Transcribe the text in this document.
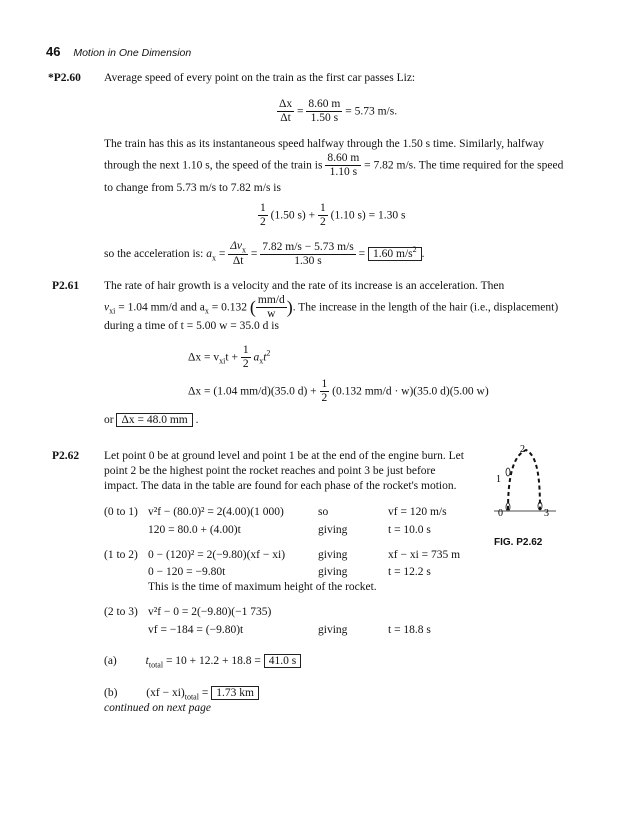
46 Motion in One Dimension
*P2.60 Average speed of every point on the train as the first car passes Liz:
$\frac{\Delta x}{\Delta t} = \frac{8.60 m}{1.50 s} = 5.73$ m/s.
The train has this as its instantaneous speed halfway through the 1.50 s time. Similarly, halfway
through the next 1.10 s, the speed of the train is $\frac{8.60 m}{1.10 s} = 7.82$ m/s. The time required for the speed
to change from 5.73 m/s to 7.82 m/s is
$\frac{1}{2} (1.50$ $s) + \frac{1}{2} (1.10$ s) = 1.30 s
so the acceleration is: $a_x = \frac{\Delta v_x}{\Delta t} = \frac{7.82 m/s - 5.73 m/s}{1.30 s} = 1.60$ $m/s^2$ .
P2.61 The rate of hair growth is a velocity and the rate of its increase is an acceleration. Then
$v_{xi} = 1.04$ mm/d and $a_x = 0.132$ ( $\frac{mm/d}{w}$ ). The increase in the length of the hair (i.e., displacement)
during a time of t = 5.00 w = 35.0 d is
$\Delta x = v_{xi}t + \frac{1}{2} a_xt^2$
Δx = (1.04 mm/d)(35.0 $d) + \frac{1}{2} (0.132$ mm/d · w)(35.0 d)(5.00 w)
or Δx = 48.0 mm .
P2.62 Let point 0 be at ground level and point 1 be at the end of the engine burn. Let
point 2 be the highest point the rocket reaches and point 3 be just before
impact. The data in the table are found for each phase of the rocket's motion.
(0 to 1) v²f − (80.0)² = 2(4.00)(1 000)	so	vf = 120 m/s
120 = 80.0 + (4.00)t	giving	t = 10.0 s
(1 to 2) 0 − (120)² = 2(−9.80)(xf − xi)	giving	xf − xi = 735 m
0 − 120 = −9.80t	giving	t = 12.2 s
This is the time of maximum height of the rocket.
(2 to 3) v²f − 0 = 2(−9.80)(−1 735)
vf = −184 = (−9.80)t	giving	t = 18.8 s
(a)	$t_{total} = 10 + 12.2 + 18.8 = 41.0$ s
(b)	$(xf - xi)_{total} = 1.73$ km
continued on next page
0
1
2
3
FIG. P2.62
